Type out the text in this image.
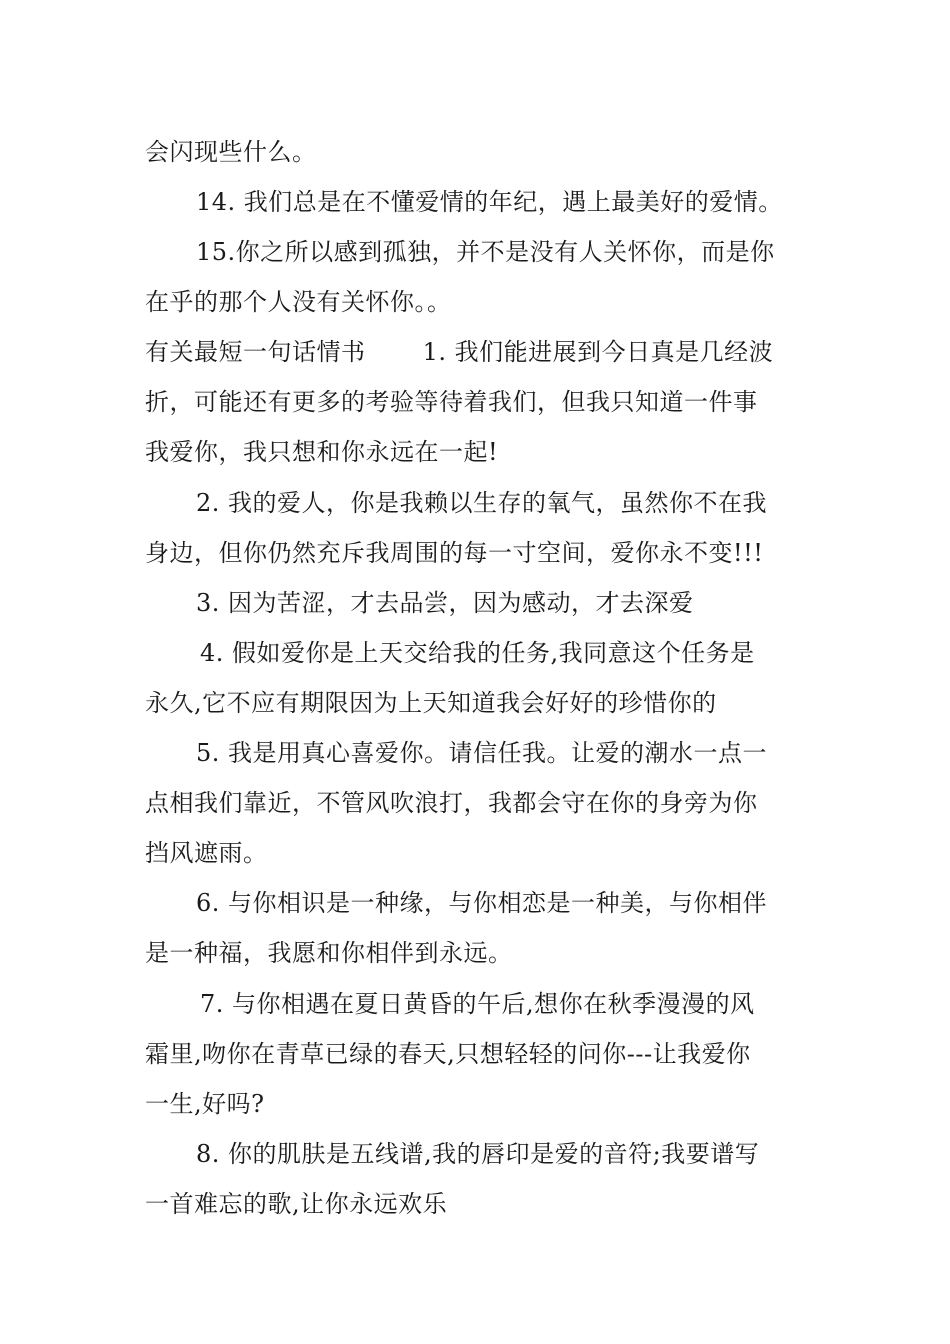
会闪现些什么。
14. 我们总是在不懂爱情的年纪，遇上最美好的爱情。
15.你之所以感到孤独，并不是没有人关怀你，而是你
在乎的那个人没有关怀你。。
有关最短一句话情书　　 1. 我们能进展到今日真是几经波
折，可能还有更多的考验等待着我们，但我只知道一件事
我爱你，我只想和你永远在一起!
2. 我的爱人，你是我赖以生存的氧气，虽然你不在我
身边，但你仍然充斥我周围的每一寸空间，爱你永不变!!!
3. 因为苦涩，才去品尝，因为感动，才去深爱
4. 假如爱你是上天交给我的任务,我同意这个任务是
永久,它不应有期限因为上天知道我会好好的珍惜你的
5. 我是用真心喜爱你。请信任我。让爱的潮水一点一
点相我们靠近，不管风吹浪打，我都会守在你的身旁为你
挡风遮雨。
6. 与你相识是一种缘，与你相恋是一种美，与你相伴
是一种福，我愿和你相伴到永远。
7. 与你相遇在夏日黄昏的午后,想你在秋季漫漫的风
霜里,吻你在青草已绿的春天,只想轻轻的问你---让我爱你
一生,好吗?
8. 你的肌肤是五线谱,我的唇印是爱的音符;我要谱写
一首难忘的歌,让你永远欢乐
